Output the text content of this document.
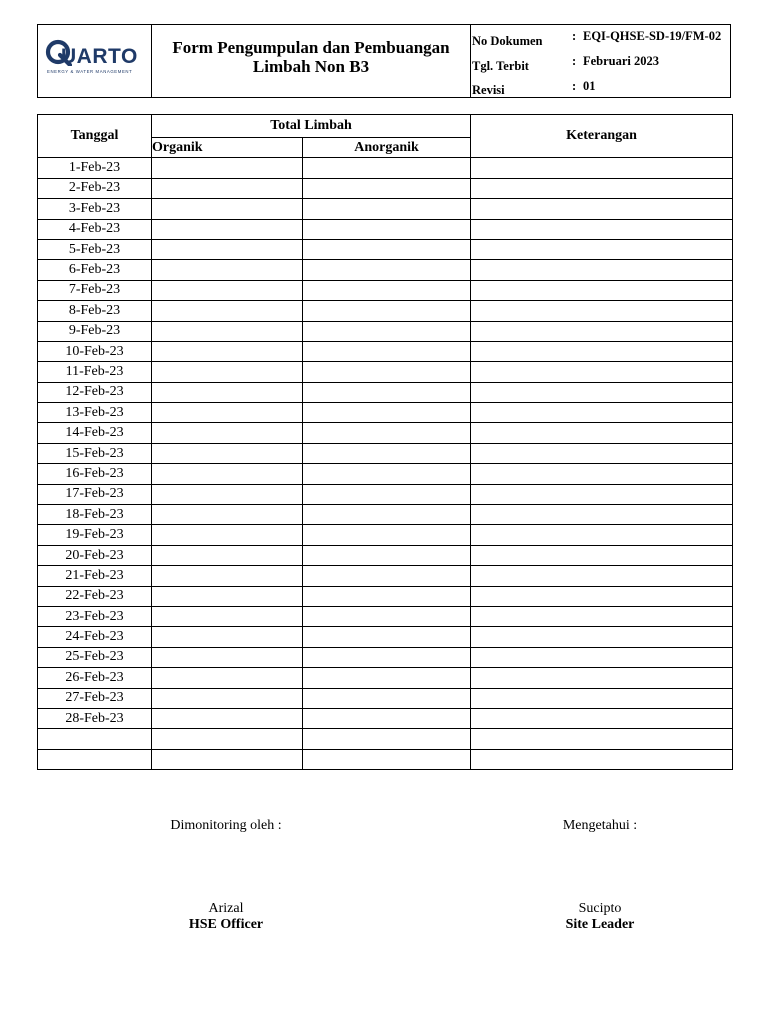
UARTO
ENERGY & WATER MANAGEMENT
Form Pengumpulan dan Pembuangan
Limbah Non B3
No Dokumen : EQI-QHSE-SD-19/FM-02
Tgl. Terbit	: Februari 2023
Revisi	: 01
Tanggal	Total Limbah		Keterangan
	Organik	Anorganik	
1-Feb-23			
2-Feb-23			
3-Feb-23			
4-Feb-23			
5-Feb-23			
6-Feb-23			
7-Feb-23			
8-Feb-23			
9-Feb-23			
10-Feb-23			
11-Feb-23			
12-Feb-23			
13-Feb-23			
14-Feb-23			
15-Feb-23			
16-Feb-23			
17-Feb-23			
18-Feb-23			
19-Feb-23			
20-Feb-23			
21-Feb-23			
22-Feb-23			
23-Feb-23			
24-Feb-23			
25-Feb-23			
26-Feb-23			
27-Feb-23			
28-Feb-23			

Dimonitoring oleh :
Arizal
HSE Officer
Mengetahui :
Sucipto
Site Leader
